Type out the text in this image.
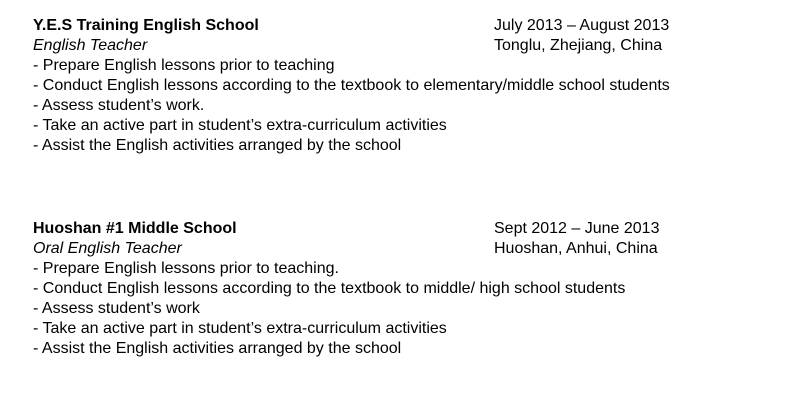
Y.E.S Training English School	July 2013 – August 2013
English Teacher	Tonglu, Zhejiang, China
- Prepare English lessons prior to teaching
- Conduct English lessons according to the textbook to elementary/middle school students
- Assess student’s work.
- Take an active part in student’s extra-curriculum activities
- Assist the English activities arranged by the school
Huoshan #1 Middle School	Sept 2012 – June 2013
Oral English Teacher	Huoshan, Anhui, China
- Prepare English lessons prior to teaching.
- Conduct English lessons according to the textbook to middle/ high school students
- Assess student’s work
- Take an active part in student’s extra-curriculum activities
- Assist the English activities arranged by the school
